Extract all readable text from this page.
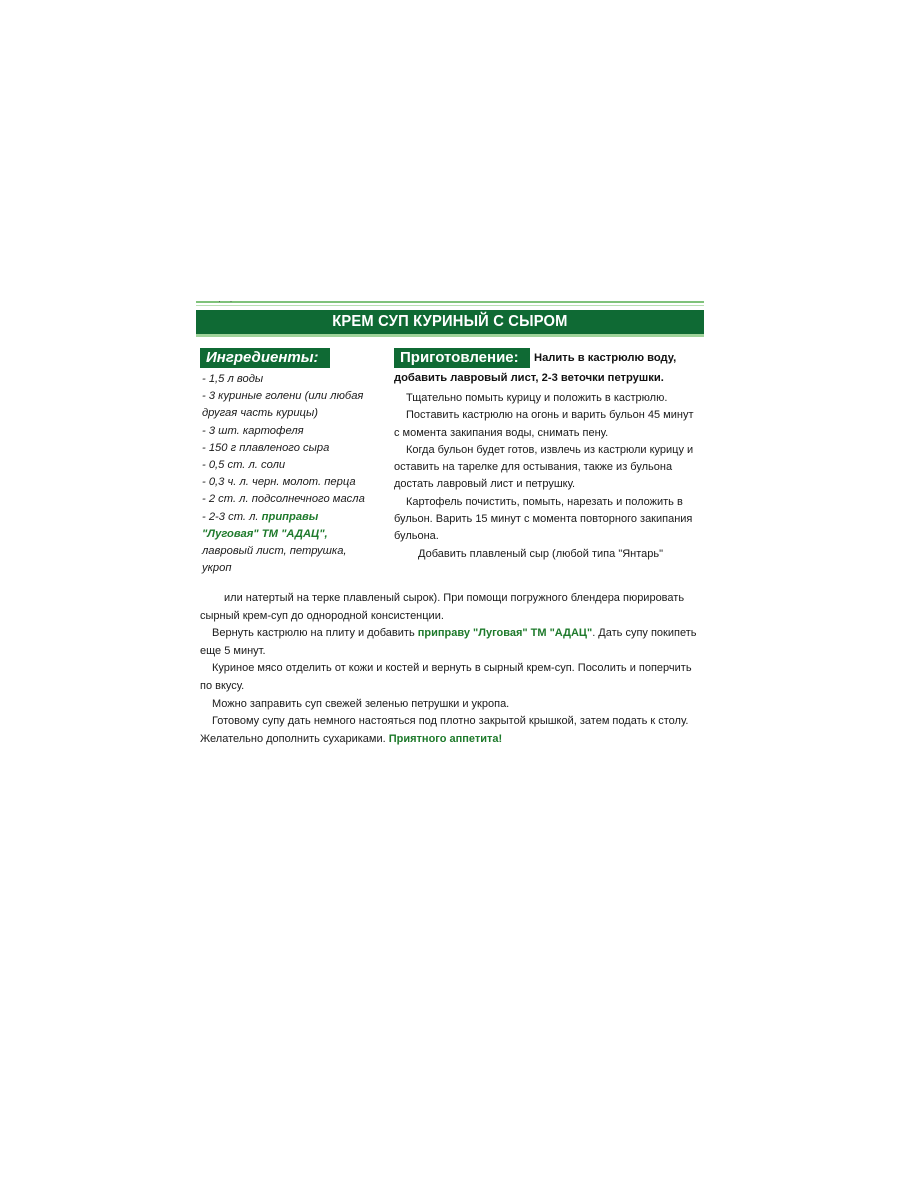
· ·
КРЕМ СУП КУРИНЫЙ С СЫРОМ
Ингредиенты:
- 1,5 л воды
- 3 куриные голени (или любая
другая часть курицы)
- 3 шт. картофеля
- 150 г плавленого сыра
- 0,5 ст. л. соли
- 0,3 ч. л. черн. молот. перца
- 2 ст. л. подсолнечного масла
- 2-3 ст. л. приправы
"Луговая" ТМ "АДАЦ",
лавровый лист, петрушка,
укроп
Приготовление:	Налить в кастрюлю воду,
добавить лавровый лист, 2-3 веточки петрушки.

Тщательно помыть курицу и положить в кастрюлю.

Поставить кастрюлю на огонь и варить бульон 45 минут с момента закипания воды, снимать пену.

Когда бульон будет готов, извлечь из кастрюли курицу и оставить на тарелке для остывания, также из бульона достать лавровый лист и петрушку.

Картофель почистить, помыть, нарезать и положить в бульон. Варить 15 минут с момента повторного закипания бульона.

Добавить плавленый сыр (любой типа "Янтарь"

или натертый на терке плавленый сырок). При помощи погружного блендера пюрировать сырный крем-суп до однородной консистенции.

Вернуть кастрюлю на плиту и добавить приправу "Луговая" ТМ "АДАЦ". Дать супу покипеть еще 5 минут.

Куриное мясо отделить от кожи и костей и вернуть в сырный крем-суп. Посолить и поперчить по вкусу.

Можно заправить суп свежей зеленью петрушки и укропа.

Готовому супу дать немного настояться под плотно закрытой крышкой, затем подать к столу. Желательно дополнить сухариками. Приятного аппетита!
